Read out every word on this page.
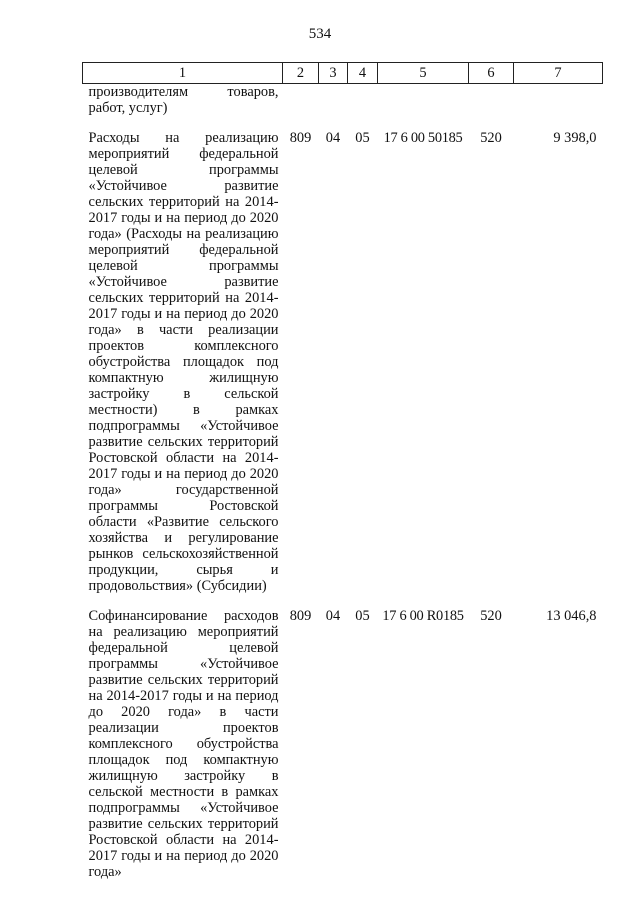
534
1	2	3	4	5	6	7
производителям товаров, работ, услуг)						
Расходы на реализацию мероприятий федеральной целевой программы «Устойчивое развитие сельских территорий на 2014-2017 годы и на период до 2020 года» (Расходы на реализацию мероприятий федеральной целевой программы «Устойчивое развитие сельских территорий на 2014-2017 годы и на период до 2020 года» в части реализации проектов комплексного обустройства площадок под компактную жилищную застройку в сельской местности) в рамках подпрограммы «Устойчивое развитие сельских территорий Ростовской области на 2014-2017 годы и на период до 2020 года» государственной программы Ростовской области «Развитие сельского хозяйства и регулирование рынков сельскохозяйственной продукции, сырья и продовольствия» (Субсидии)	809	04	05	17 6 00 50185	520	9 398,0
Софинансирование расходов на реализацию мероприятий федеральной целевой программы «Устойчивое развитие сельских территорий на 2014-2017 годы и на период до 2020 года» в части реализации проектов комплексного обустройства площадок под компактную жилищную застройку в сельской местности в рамках подпрограммы «Устойчивое развитие сельских территорий Ростовской области на 2014-2017 годы и на период до 2020 года»	809	04	05	17 6 00 R0185	520	13 046,8
